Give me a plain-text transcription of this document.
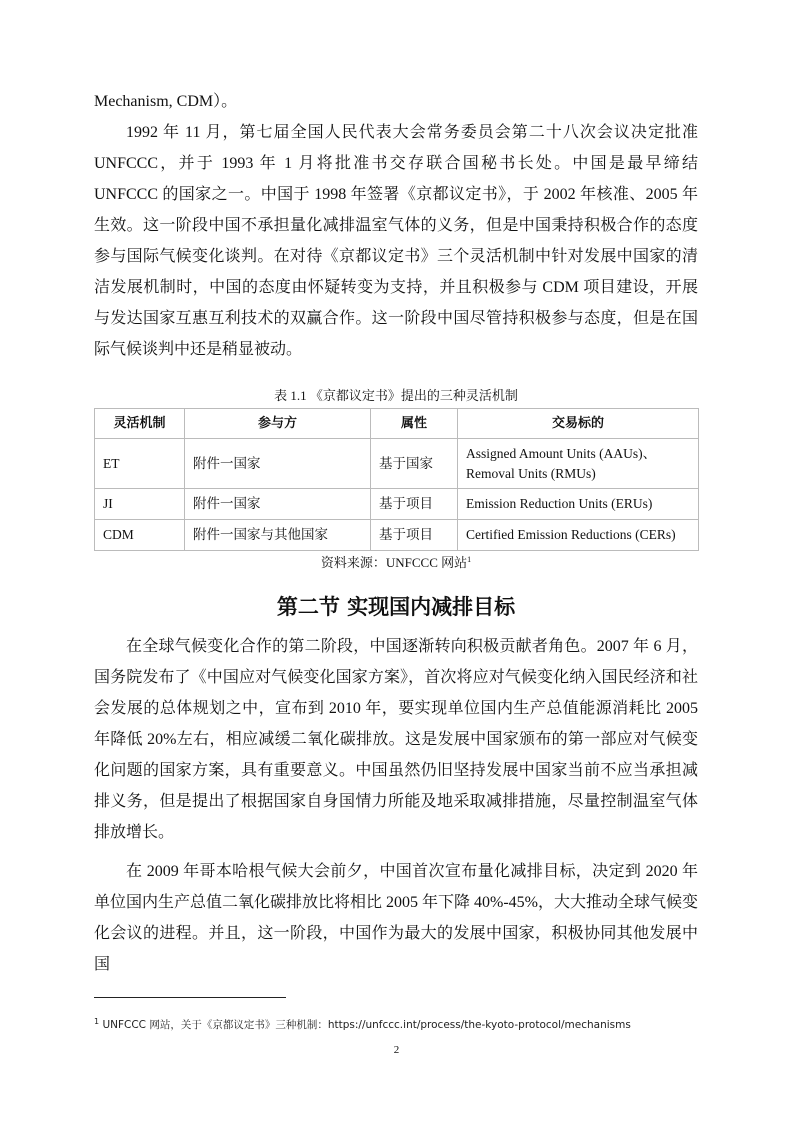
Mechanism, CDM）。
1992 年 11 月，第七届全国人民代表大会常务委员会第二十八次会议决定批准 UNFCCC，并于 1993 年 1 月将批准书交存联合国秘书长处。中国是最早缔结 UNFCCC 的国家之一。中国于 1998 年签署《京都议定书》，于 2002 年核准、2005 年生效。这一阶段中国不承担量化减排温室气体的义务，但是中国秉持积极合作的态度参与国际气候变化谈判。在对待《京都议定书》三个灵活机制中针对发展中国家的清洁发展机制时，中国的态度由怀疑转变为支持，并且积极参与 CDM 项目建设，开展与发达国家互惠互利技术的双赢合作。这一阶段中国尽管持积极参与态度，但是在国际气候谈判中还是稍显被动。
表 1.1 《京都议定书》提出的三种灵活机制
灵活机制	参与方	属性	交易标的
ET	附件一国家	基于国家	Assigned Amount Units (AAUs)、Removal Units (RMUs)
JI	附件一国家	基于项目	Emission Reduction Units (ERUs)
CDM	附件一国家与其他国家	基于项目	Certified Emission Reductions (CERs)
资料来源：UNFCCC 网站$^1$
第二节 实现国内减排目标
在全球气候变化合作的第二阶段，中国逐渐转向积极贡献者角色。2007 年 6 月，国务院发布了《中国应对气候变化国家方案》，首次将应对气候变化纳入国民经济和社会发展的总体规划之中，宣布到 2010 年，要实现单位国内生产总值能源消耗比 2005 年降低 20%左右，相应减缓二氧化碳排放。这是发展中国家颁布的第一部应对气候变化问题的国家方案，具有重要意义。中国虽然仍旧坚持发展中国家当前不应当承担减排义务，但是提出了根据国家自身国情力所能及地采取减排措施，尽量控制温室气体排放增长。
在 2009 年哥本哈根气候大会前夕，中国首次宣布量化减排目标，决定到 2020 年单位国内生产总值二氧化碳排放比将相比 2005 年下降 40%-45%，大大推动全球气候变化会议的进程。并且，这一阶段，中国作为最大的发展中国家，积极协同其他发展中国
$^1$ UNFCCC 网站，关于《京都议定书》三种机制：https://unfccc.int/process/the-kyoto-protocol/mechanisms
2
